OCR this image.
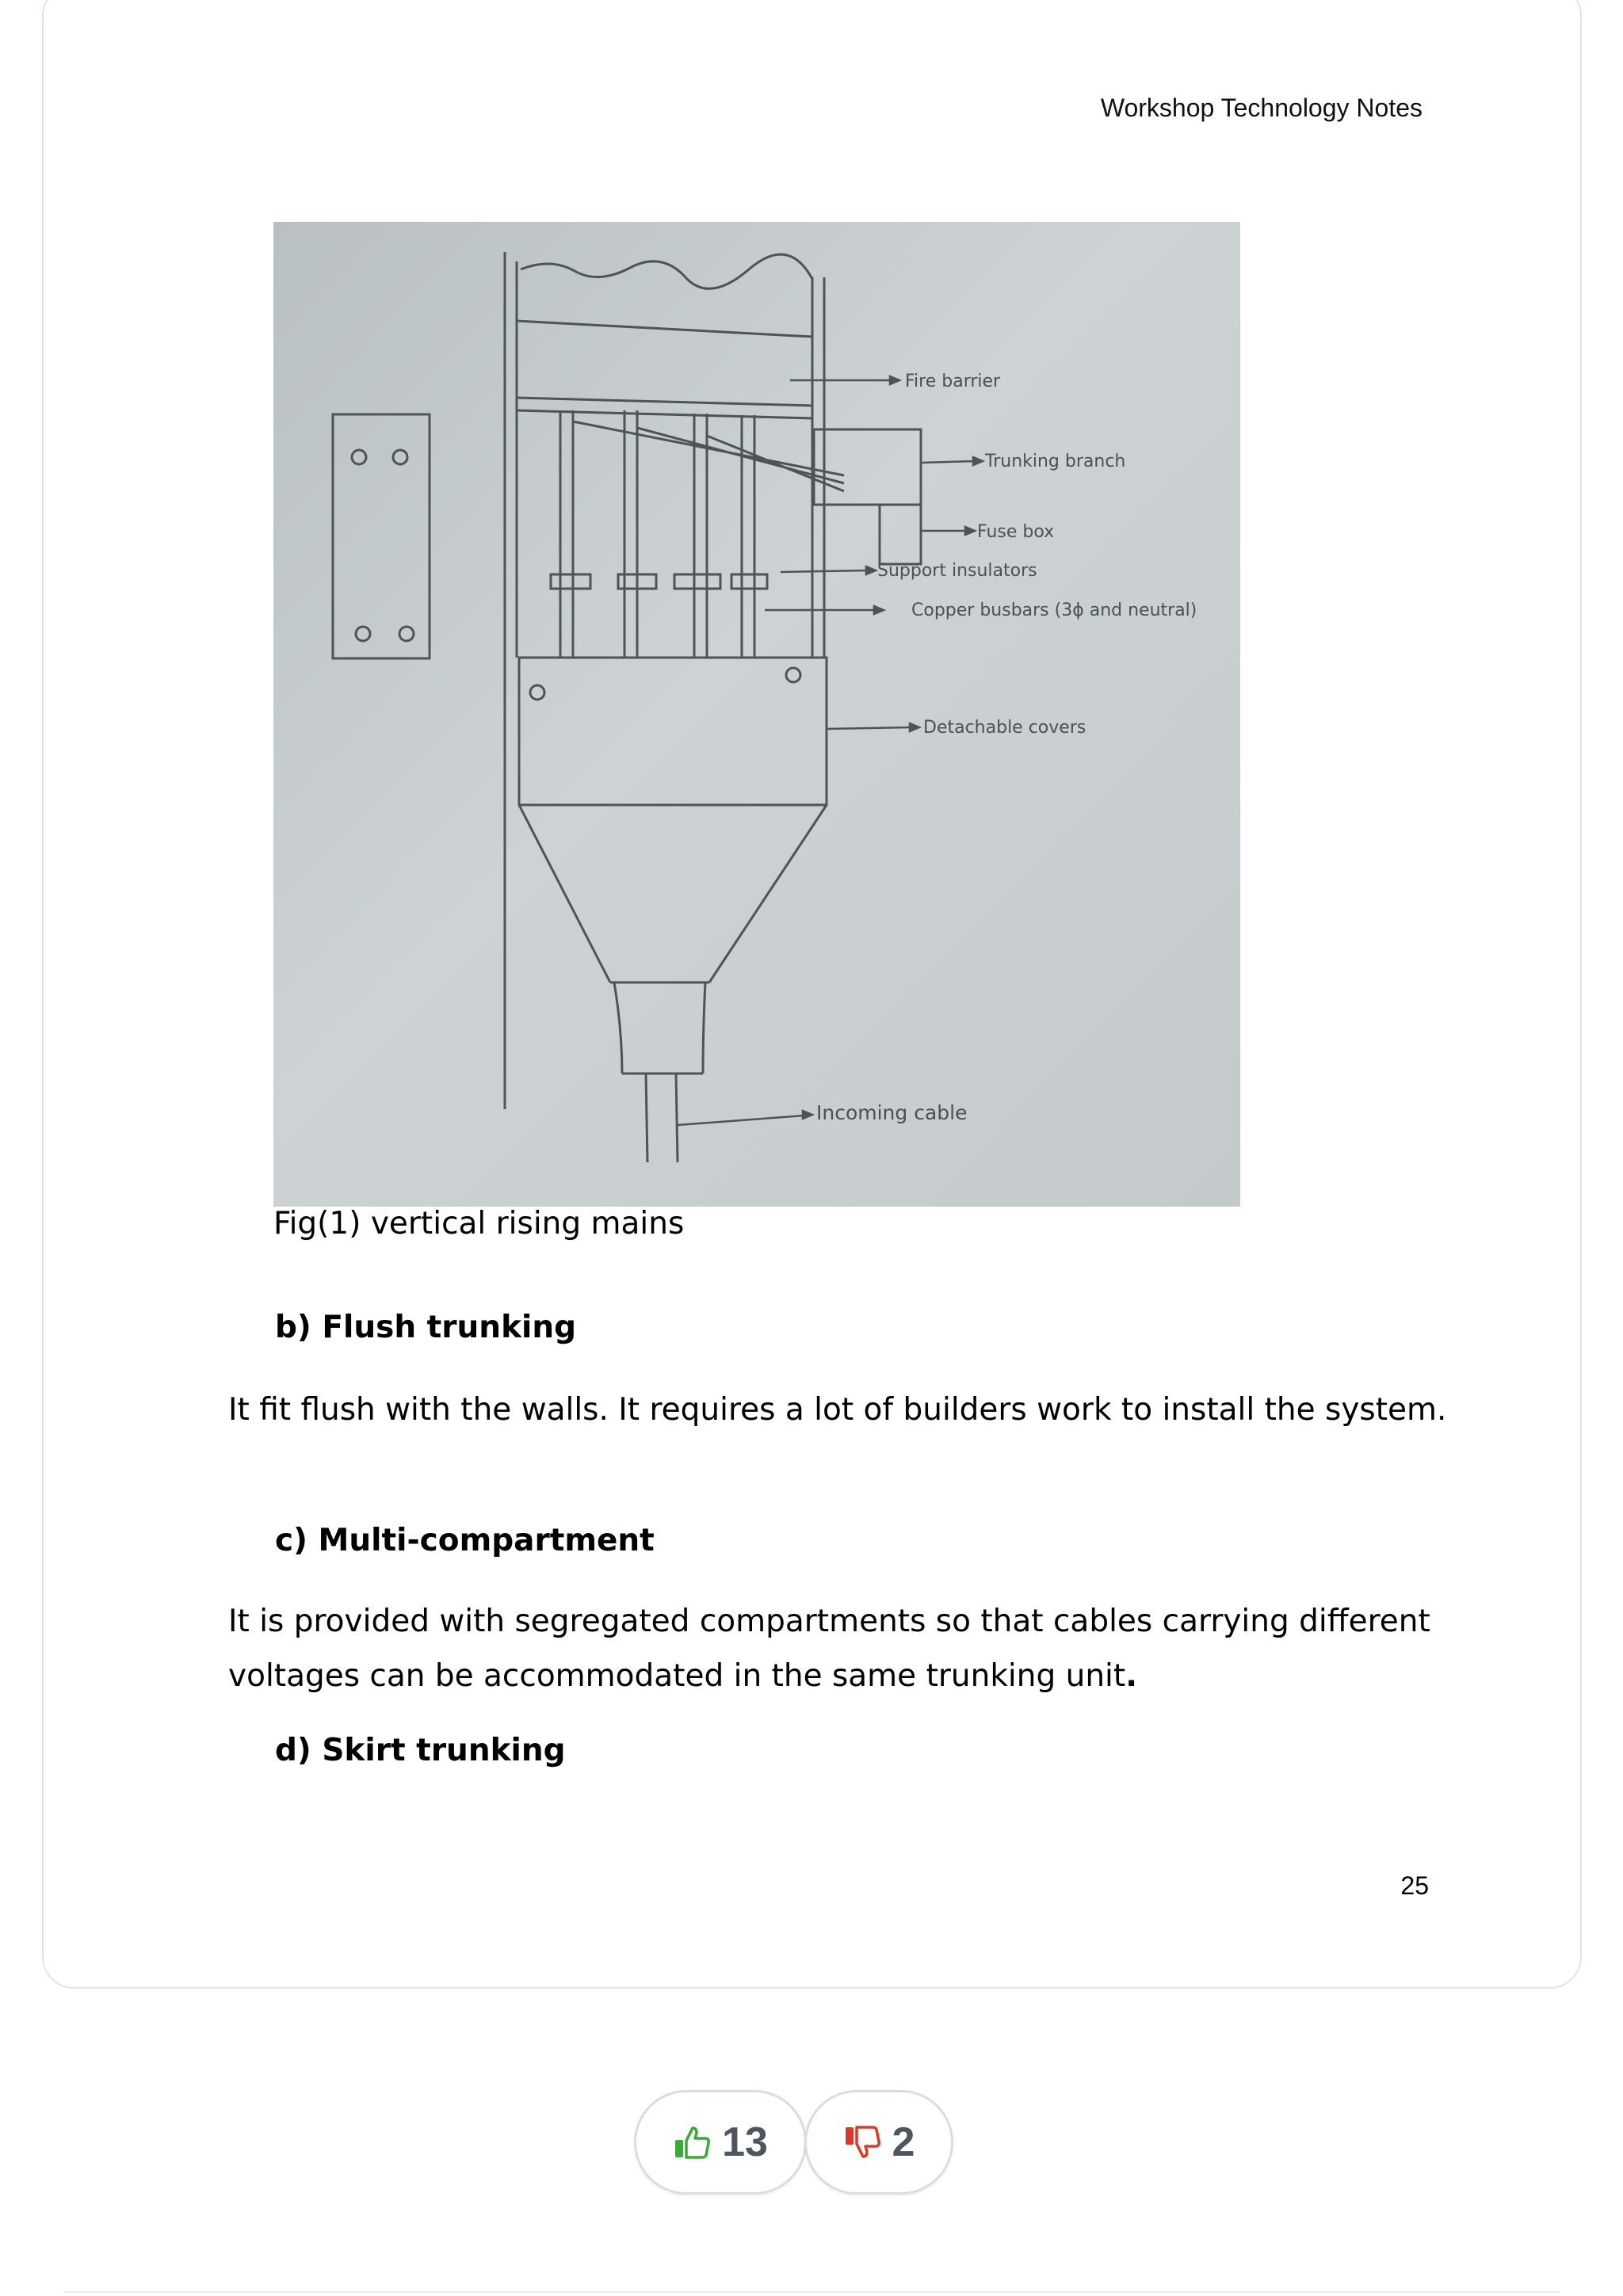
Workshop Technology Notes
Fire barrier
Trunking branch
Fuse box
Support insulators
Copper busbars (3ϕ and neutral)
Detachable covers
Incoming cable
Fig(1) vertical rising mains
b) Flush trunking
It fit flush with the walls. It requires a lot of builders work to install the system.
c) Multi-compartment
It is provided with segregated compartments so that cables carrying different voltages can be accommodated in the same trunking unit.
d) Skirt trunking
25
13	2
